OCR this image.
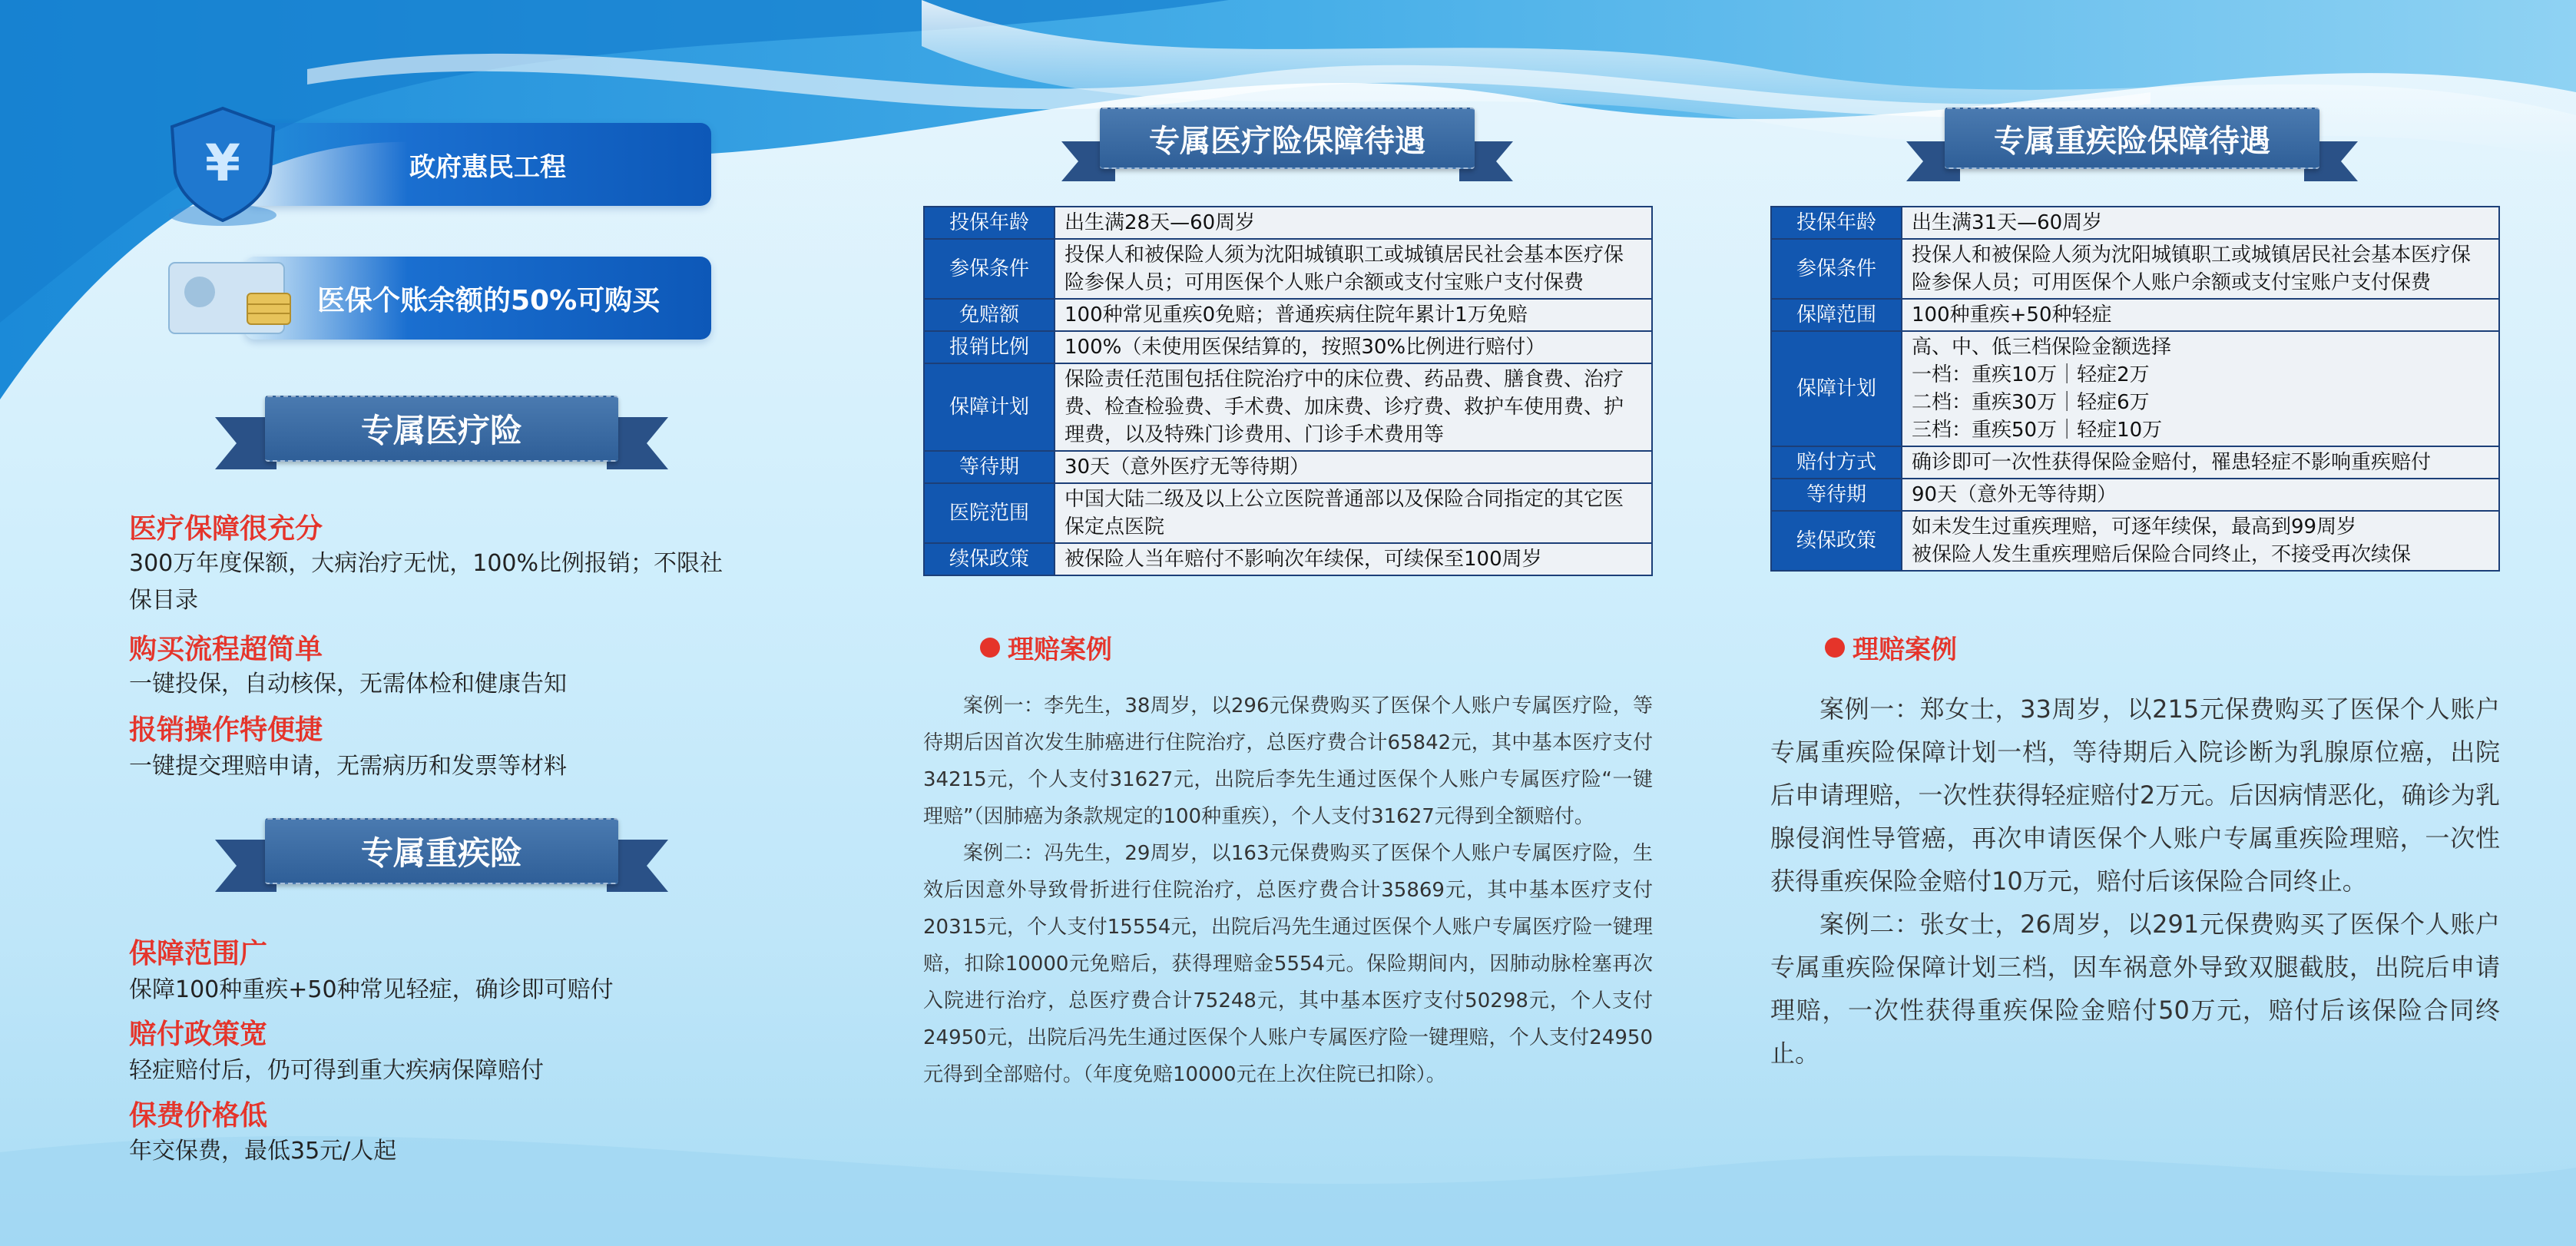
政府惠民工程
¥
医保个账余额的50%可购买
专属医疗险
医疗保障很充分
300万年度保额，大病治疗无忧，100%比例报销；不限社保目录
购买流程超简单
一键投保，自动核保，无需体检和健康告知
报销操作特便捷
一键提交理赔申请，无需病历和发票等材料
专属重疾险
保障范围广
保障100种重疾+50种常见轻症，确诊即可赔付
赔付政策宽
轻症赔付后，仍可得到重大疾病保障赔付
保费价格低
年交保费，最低35元/人起
专属医疗险保障待遇
投保年龄	出生满28天—60周岁
参保条件	投保人和被保险人须为沈阳城镇职工或城镇居民社会基本医疗保险参保人员；可用医保个人账户余额或支付宝账户支付保费
免赔额	100种常见重疾0免赔；普通疾病住院年累计1万免赔
报销比例	100%（未使用医保结算的，按照30%比例进行赔付）
保障计划	保险责任范围包括住院治疗中的床位费、药品费、膳食费、治疗费、检查检验费、手术费、加床费、诊疗费、救护车使用费、护理费，以及特殊门诊费用、门诊手术费用等
等待期	30天（意外医疗无等待期）
医院范围	中国大陆二级及以上公立医院普通部以及保险合同指定的其它医保定点医院
续保政策	被保险人当年赔付不影响次年续保，可续保至100周岁
理赔案例

案例一：李先生，38周岁，以296元保费购买了医保个人账户专属医疗险，等待期后因首次发生肺癌进行住院治疗，总医疗费合计65842元，其中基本医疗支付34215元，个人支付31627元，出院后李先生通过医保个人账户专属医疗险“一键理赔”（因肺癌为条款规定的100种重疾），个人支付31627元得到全额赔付。

案例二：冯先生，29周岁，以163元保费购买了医保个人账户专属医疗险，生效后因意外导致骨折进行住院治疗，总医疗费合计35869元，其中基本医疗支付20315元，个人支付15554元，出院后冯先生通过医保个人账户专属医疗险一键理赔，扣除10000元免赔后，获得理赔金5554元。保险期间内，因肺动脉栓塞再次入院进行治疗，总医疗费合计75248元，其中基本医疗支付50298元，个人支付24950元，出院后冯先生通过医保个人账户专属医疗险一键理赔，个人支付24950元得到全部赔付。（年度免赔10000元在上次住院已扣除）。

专属重疾险保障待遇
投保年龄	出生满31天—60周岁
参保条件	投保人和被保险人须为沈阳城镇职工或城镇居民社会基本医疗保险参保人员；可用医保个人账户余额或支付宝账户支付保费
保障范围	100种重疾+50种轻症
保障计划	高、中、低三档保险金额选择
一档：重疾10万｜轻症2万
二档：重疾30万｜轻症6万
三档：重疾50万｜轻症10万
赔付方式	确诊即可一次性获得保险金赔付，罹患轻症不影响重疾赔付
等待期	90天（意外无等待期）
续保政策	如未发生过重疾理赔，可逐年续保，最高到99周岁
被保险人发生重疾理赔后保险合同终止，不接受再次续保
理赔案例

案例一：郑女士，33周岁，以215元保费购买了医保个人账户专属重疾险保障计划一档，等待期后入院诊断为乳腺原位癌，出院后申请理赔，一次性获得轻症赔付2万元。后因病情恶化，确诊为乳腺侵润性导管癌，再次申请医保个人账户专属重疾险理赔，一次性获得重疾保险金赔付10万元，赔付后该保险合同终止。

案例二：张女士，26周岁，以291元保费购买了医保个人账户专属重疾险保障计划三档，因车祸意外导致双腿截肢，出院后申请理赔，一次性获得重疾保险金赔付50万元，赔付后该保险合同终止。
